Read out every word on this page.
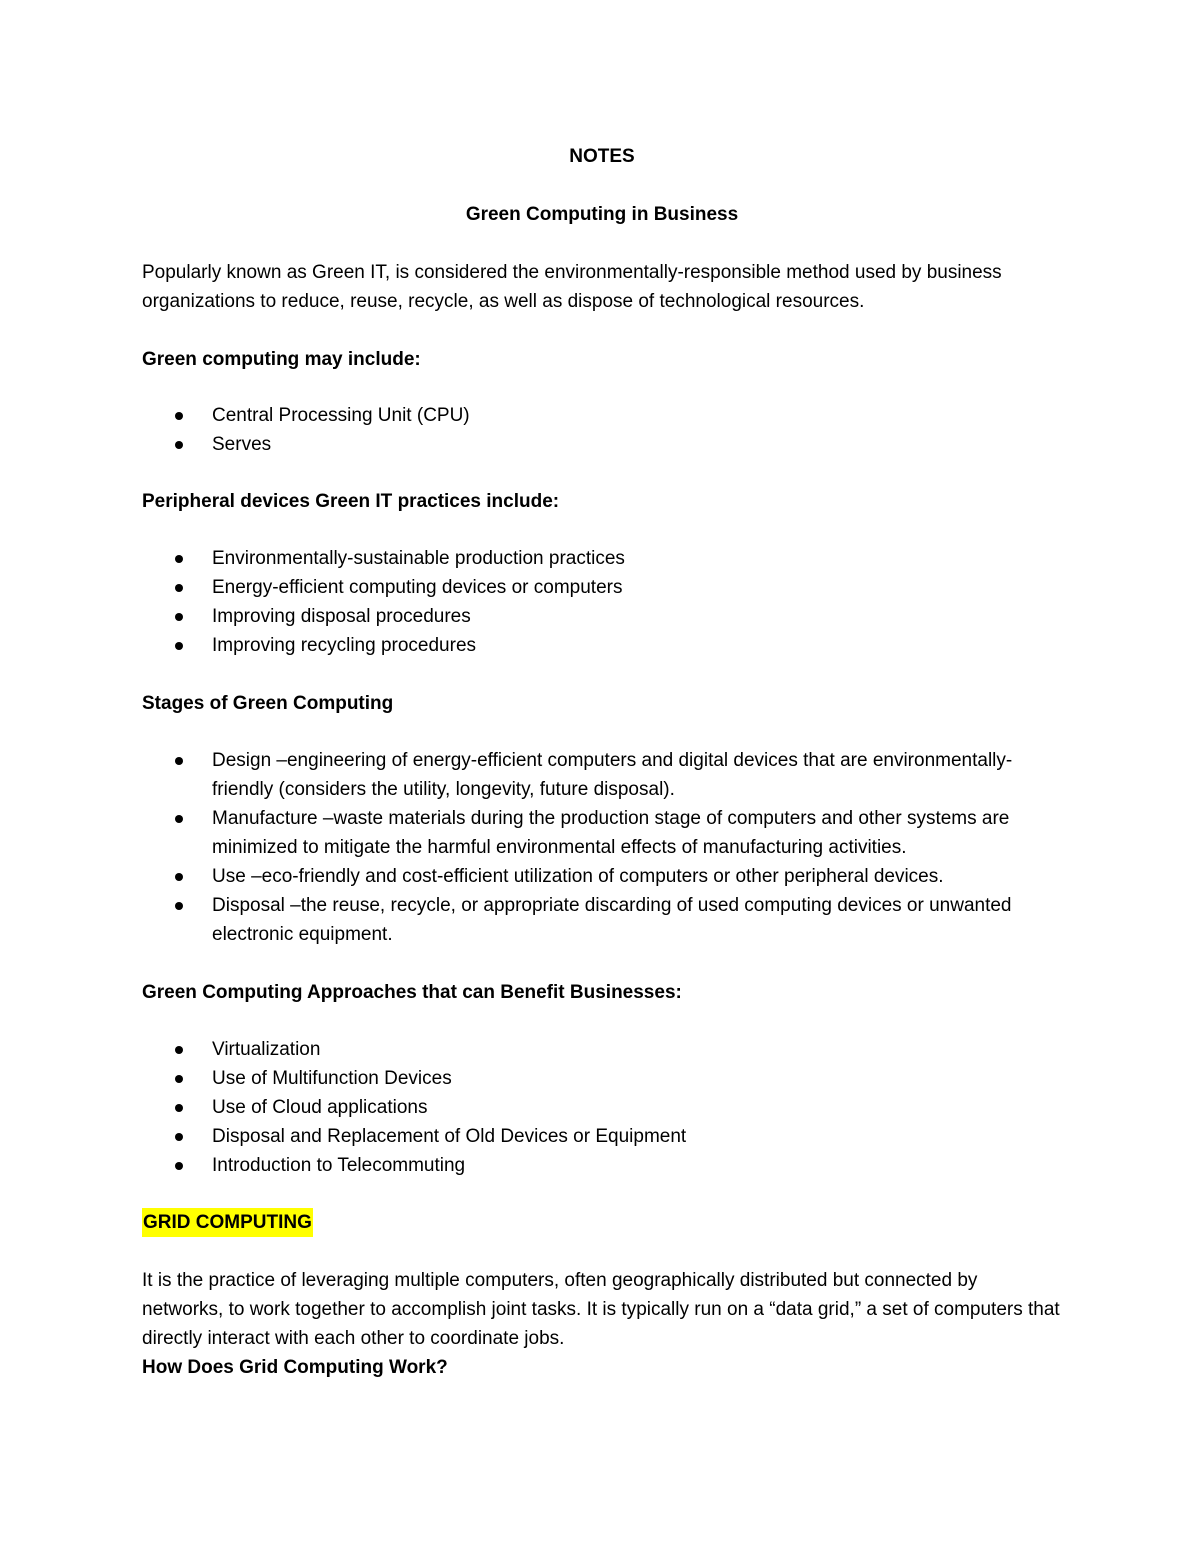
NOTES

Green Computing in Business

Popularly known as Green IT, is considered the environmentally-responsible method used by business organizations to reduce, reuse, recycle, as well as dispose of technological resources.

Green computing may include:

Central Processing Unit (CPU)
Serves

Peripheral devices Green IT practices include:

Environmentally-sustainable production practices
Energy-efficient computing devices or computers
Improving disposal procedures
Improving recycling procedures

Stages of Green Computing

Design –engineering of energy-efficient computers and digital devices that are environmentally-friendly (considers the utility, longevity, future disposal).
Manufacture –waste materials during the production stage of computers and other systems are minimized to mitigate the harmful environmental effects of manufacturing activities.
Use –eco-friendly and cost-efficient utilization of computers or other peripheral devices.
Disposal –the reuse, recycle, or appropriate discarding of used computing devices or unwanted electronic equipment.

Green Computing Approaches that can Benefit Businesses:

Virtualization
Use of Multifunction Devices
Use of Cloud applications
Disposal and Replacement of Old Devices or Equipment
Introduction to Telecommuting

GRID COMPUTING

It is the practice of leveraging multiple computers, often geographically distributed but connected by networks, to work together to accomplish joint tasks. It is typically run on a “data grid,” a set of computers that directly interact with each other to coordinate jobs.

How Does Grid Computing Work?
